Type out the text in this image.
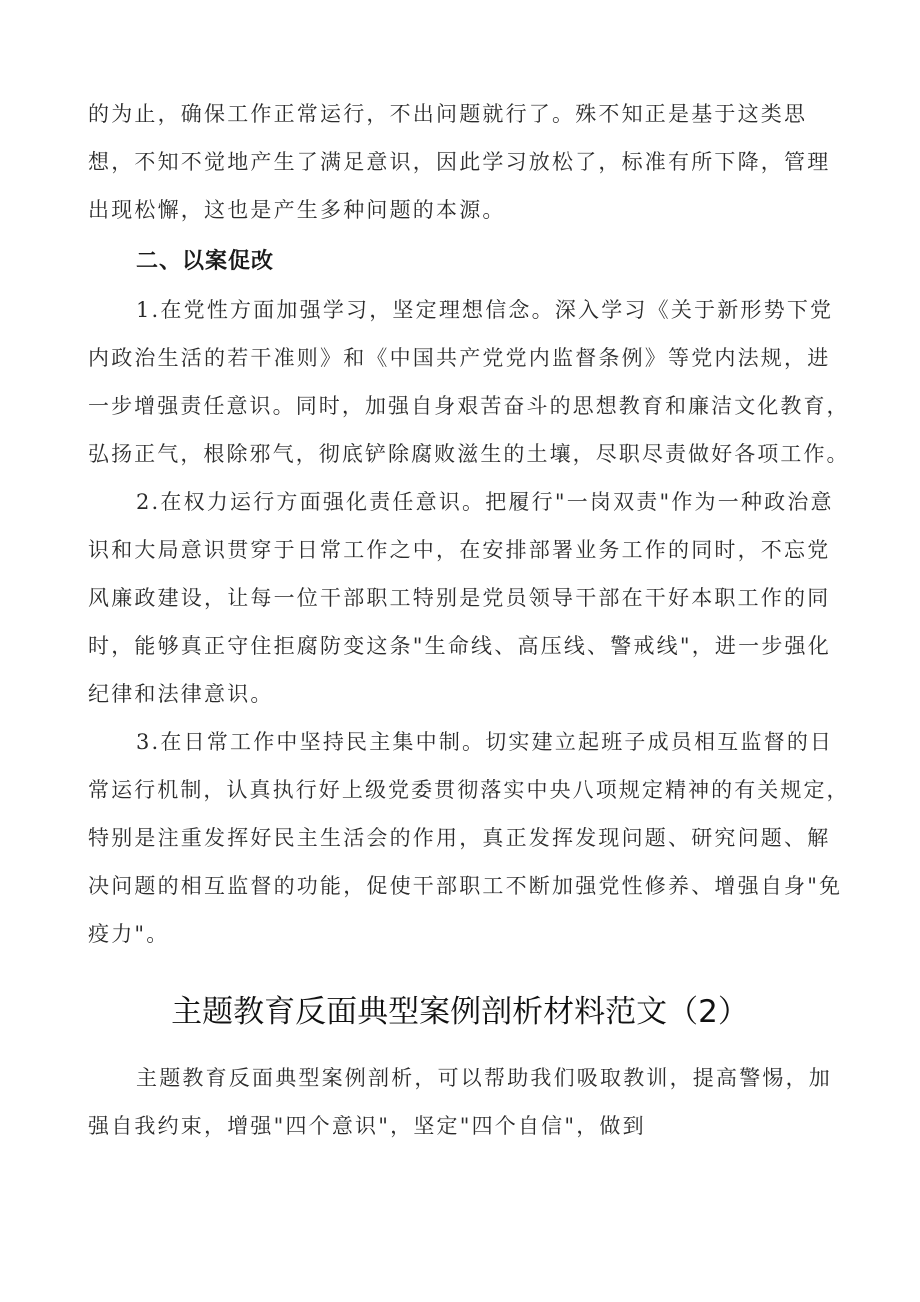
的为止，确保工作正常运行，不出问题就行了。殊不知正是基于这类思
想，不知不觉地产生了满足意识，因此学习放松了，标准有所下降，管理
出现松懈，这也是产生多种问题的本源。
二、以案促改
1.在党性方面加强学习，坚定理想信念。深入学习《关于新形势下党
内政治生活的若干准则》和《中国共产党党内监督条例》等党内法规，进
一步增强责任意识。同时，加强自身艰苦奋斗的思想教育和廉洁文化教育，
弘扬正气，根除邪气，彻底铲除腐败滋生的土壤，尽职尽责做好各项工作。
2.在权力运行方面强化责任意识。把履行"一岗双责"作为一种政治意
识和大局意识贯穿于日常工作之中，在安排部署业务工作的同时，不忘党
风廉政建设，让每一位干部职工特别是党员领导干部在干好本职工作的同
时，能够真正守住拒腐防变这条"生命线、高压线、警戒线"，进一步强化
纪律和法律意识。
3.在日常工作中坚持民主集中制。切实建立起班子成员相互监督的日
常运行机制，认真执行好上级党委贯彻落实中央八项规定精神的有关规定，
特别是注重发挥好民主生活会的作用，真正发挥发现问题、研究问题、解
决问题的相互监督的功能，促使干部职工不断加强党性修养、增强自身"免
疫力"。
主题教育反面典型案例剖析材料范文（2）
主题教育反面典型案例剖析，可以帮助我们吸取教训，提高警惕，加
强自我约束，增强"四个意识"，坚定"四个自信"，做到
